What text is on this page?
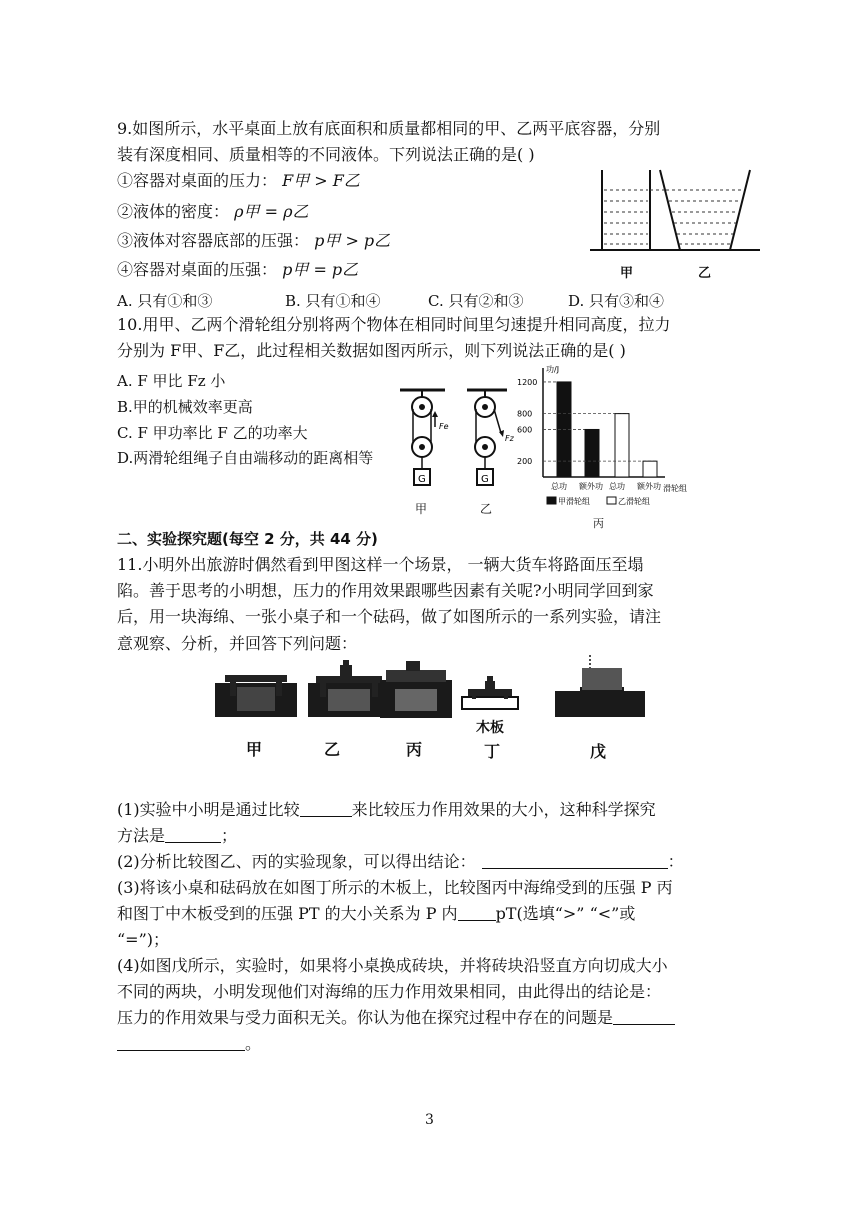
9.如图所示，水平桌面上放有底面积和质量都相同的甲、乙两平底容器，分别
装有深度相同、质量相等的不同液体。下列说法正确的是( )
①容器对桌面的压力： F甲 > F乙
②液体的密度： ρ甲 = ρ乙
③液体对容器底部的压强： p甲 > p乙
④容器对桌面的压强： p甲 = p乙
A. 只有①和③	B. 只有①和④	C. 只有②和③	D. 只有③和④
甲	乙
10.用甲、乙两个滑轮组分别将两个物体在相同时间里匀速提升相同高度，拉力
分别为 F甲、F乙，此过程相关数据如图丙所示，则下列说法正确的是( )
A. F 甲比 Fz 小
B.甲的机械效率更高
C. F 甲功率比 F 乙的功率大
D.两滑轮组绳子自由端移动的距离相等
G
Fe
Fz
G
甲	乙
功/J
滑轮组
总功 额外功 总功 额外功
1200
800
600
200
甲滑轮组	乙滑轮组
丙
二、实验探究题(每空 2 分，共 44 分)
11.小明外出旅游时偶然看到甲图这样一个场景， 一辆大货车将路面压至塌
陷。善于思考的小明想，压力的作用效果跟哪些因素有关呢?小明同学回到家
后，用一块海绵、一张小桌子和一个砝码，做了如图所示的一系列实验，请注
意观察、分析，并回答下列问题：
甲	乙	丙
木板
丁	戊
(1)实验中小明是通过比较	来比较压力作用效果的大小，这种科学探究
方法是	；
(2)分析比较图乙、丙的实验现象，可以得出结论：	：
(3)将该小桌和砝码放在如图丁所示的木板上，比较图丙中海绵受到的压强 P 丙
和图丁中木板受到的压强 PT 的大小关系为 P 内 pT(选填“>” “<”或
“=”)；
(4)如图戊所示，实验时，如果将小桌换成砖块，并将砖块沿竖直方向切成大小
不同的两块，小明发现他们对海绵的压力作用效果相同，由此得出的结论是：
压力的作用效果与受力面积无关。你认为他在探究过程中存在的问题是
。
3
